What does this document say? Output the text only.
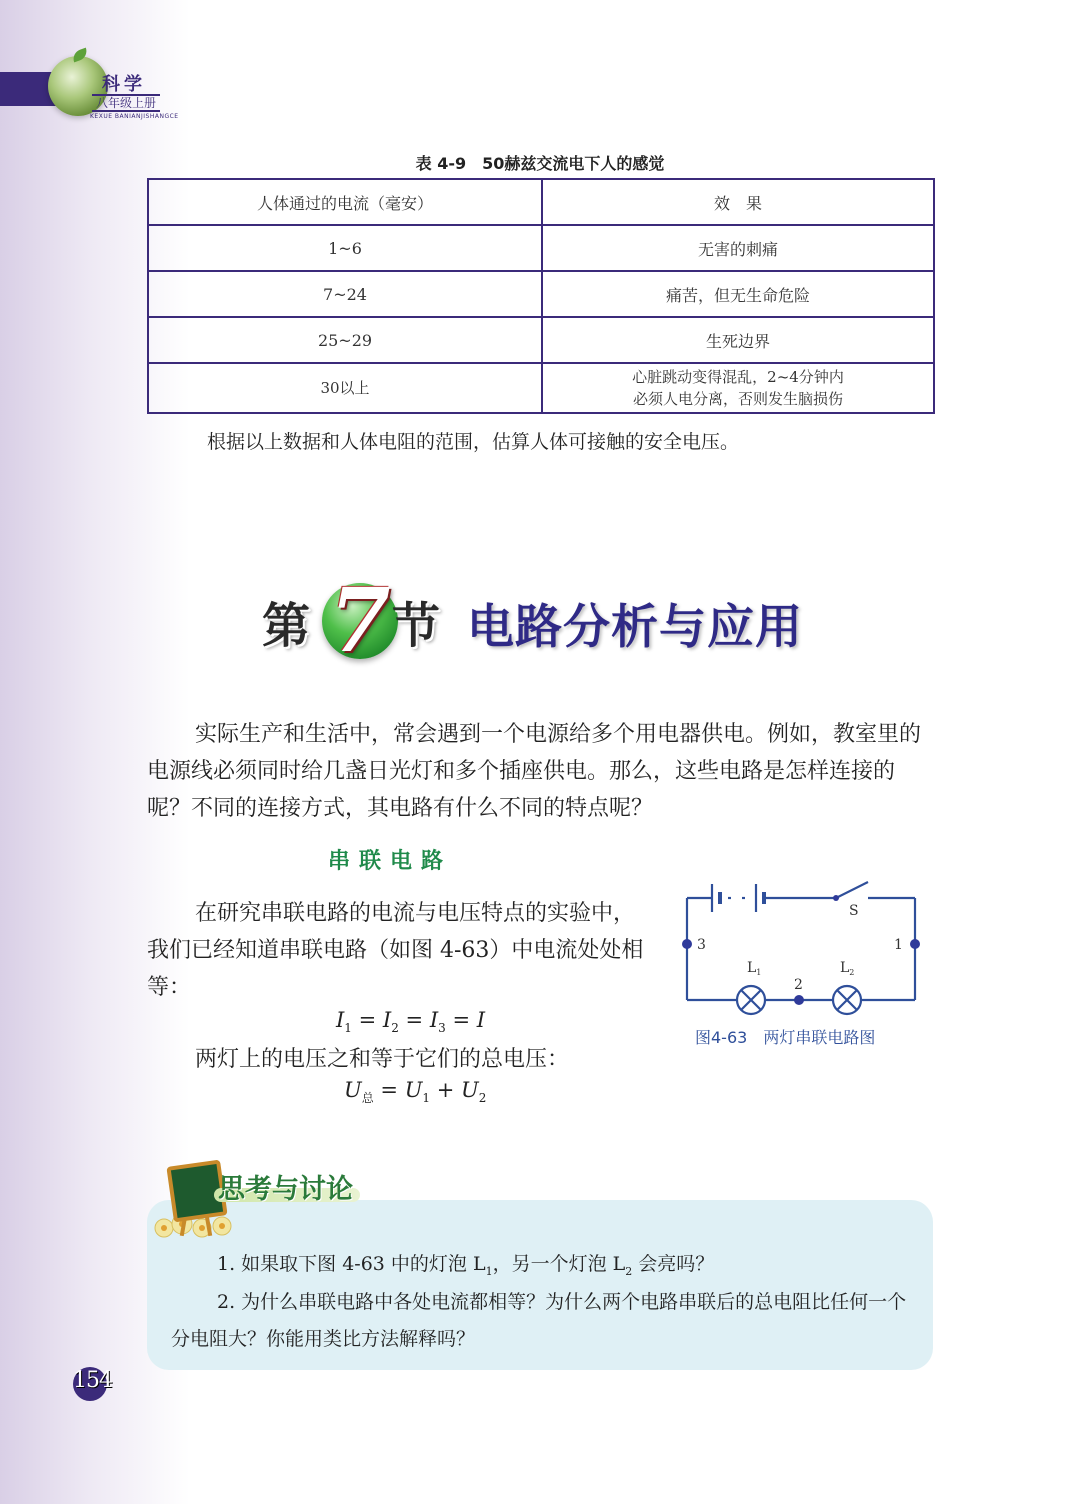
科学
八年级上册
KEXUE BANIANJISHANGCE
表 4-9　50赫兹交流电下人的感觉
人体通过的电流（毫安）	效　果
1~6	无害的刺痛
7~24	痛苦，但无生命危险
25~29	生死边界
30以上	心脏跳动变得混乱，2~4分钟内
必须人电分离，否则发生脑损伤
根据以上数据和人体电阻的范围，估算人体可接触的安全电压。
第 7 节 电路分析与应用
实际生产和生活中，常会遇到一个电源给多个用电器供电。例如，教室里的电源线必须同时给几盏日光灯和多个插座供电。那么，这些电路是怎样连接的呢？不同的连接方式，其电路有什么不同的特点呢？
串联电路
在研究串联电路的电流与电压特点的实验中，我们已经知道串联电路（如图 4-63）中电流处处相等：
$I_1 = I_2 = I_3 = I$
两灯上的电压之和等于它们的总电压：
$U_总 = U_1 + U_2$
S
3	1
2
$L_1$	$L_2$
图4-63　两灯串联电路图
思考与讨论
1. 如果取下图 4-63 中的灯泡 $L_1$，另一个灯泡 $L_2$ 会亮吗？
2. 为什么串联电路中各处电流都相等？为什么两个电路串联后的总电阻比任何一个分电阻大？你能用类比方法解释吗？
154
